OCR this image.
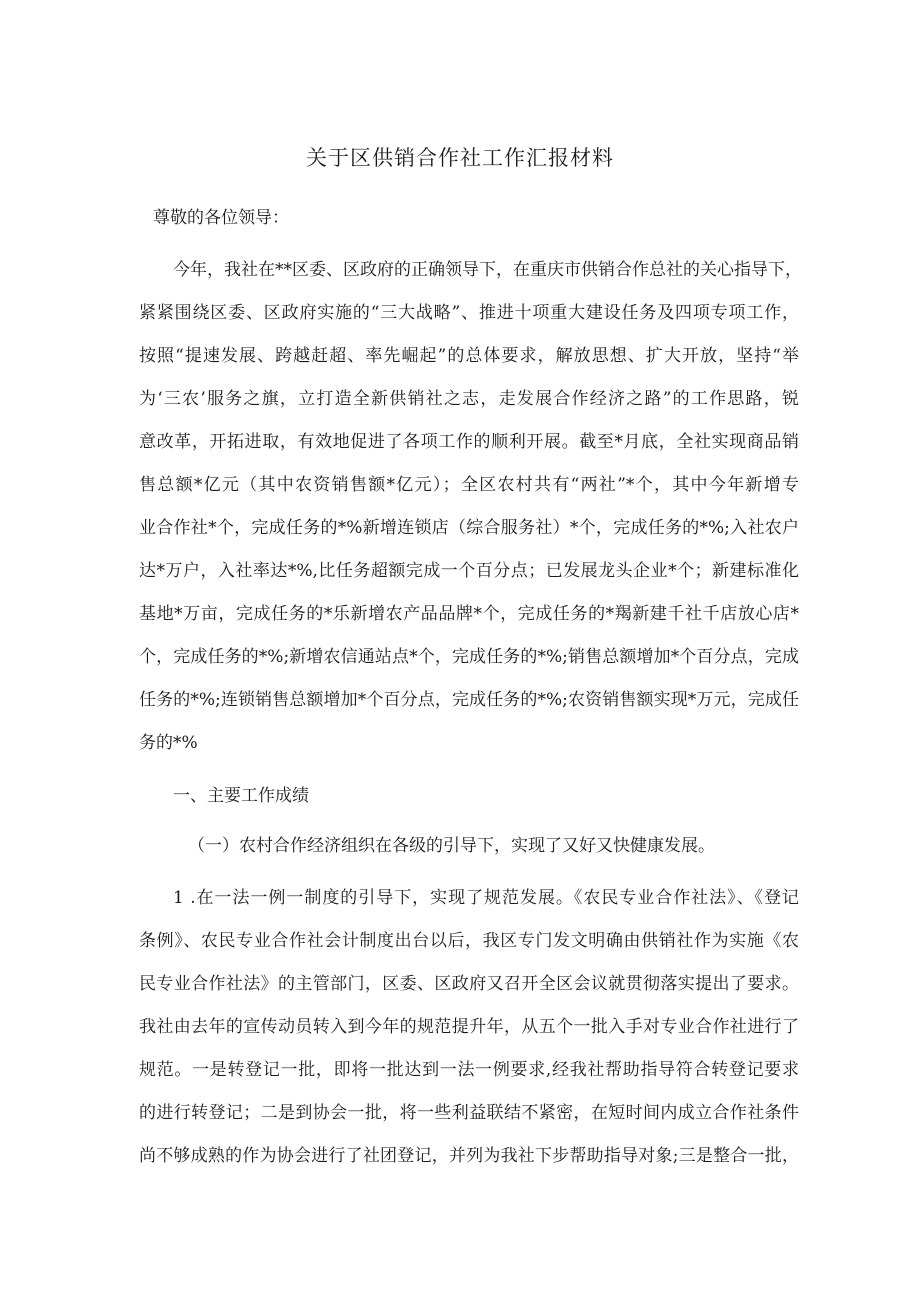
关于区供销合作社工作汇报材料
尊敬的各位领导：
今年，我社在**区委、区政府的正确领导下，在重庆市供销合作总社的关心指导下，
紧紧围绕区委、区政府实施的“三大战略”、推进十项重大建设任务及四项专项工作，
按照“提速发展、跨越赶超、率先崛起”的总体要求，解放思想、扩大开放，坚持“举
为‘三农’服务之旗，立打造全新供销社之志，走发展合作经济之路”的工作思路，锐
意改革，开拓进取，有效地促进了各项工作的顺利开展。截至*月底，全社实现商品销
售总额*亿元（其中农资销售额*亿元）；全区农村共有“两社”*个，其中今年新增专
业合作社*个，完成任务的*%新增连锁店（综合服务社）*个，完成任务的*%;入社农户
达*万户，入社率达*%,比任务超额完成一个百分点；已发展龙头企业*个；新建标准化
基地*万亩，完成任务的*乐新增农产品品牌*个，完成任务的*羯新建千社千店放心店*
个，完成任务的*%;新增农信通站点*个，完成任务的*%;销售总额增加*个百分点，完成
任务的*%;连锁销售总额增加*个百分点，完成任务的*%;农资销售额实现*万元，完成任
务的*%
一、主要工作成绩
（一）农村合作经济组织在各级的引导下，实现了又好又快健康发展。
1 .在一法一例一制度的引导下，实现了规范发展。《农民专业合作社法》、《登记
条例》、农民专业合作社会计制度出台以后，我区专门发文明确由供销社作为实施《农
民专业合作社法》的主管部门，区委、区政府又召开全区会议就贯彻落实提出了要求。
我社由去年的宣传动员转入到今年的规范提升年，从五个一批入手对专业合作社进行了
规范。一是转登记一批，即将一批达到一法一例要求,经我社帮助指导符合转登记要求
的进行转登记；二是到协会一批，将一些利益联结不紧密，在短时间内成立合作社条件
尚不够成熟的作为协会进行了社团登记，并列为我社下步帮助指导对象;三是整合一批，
